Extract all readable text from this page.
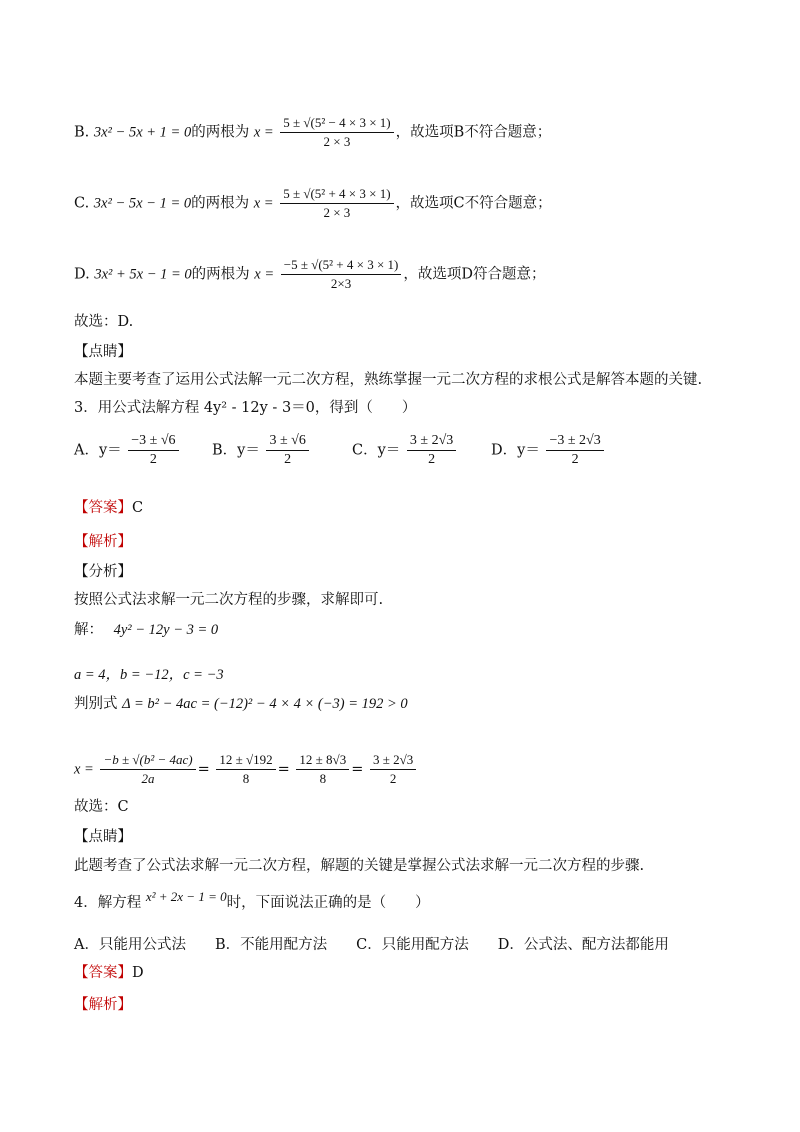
B. 3x² − 5x + 1 = 0的两根为 $x = \frac{\text{5 ± √(5² − 4 × 3 × 1)}}{2 \times 3}$ ，故选项B不符合题意；
C. 3x² − 5x − 1 = 0的两根为 $x = \frac{\text{5 ± √(5² + 4 × 3 × 1)}}{2 \times 3}$ ，故选项C不符合题意；
D. 3x² + 5x − 1 = 0的两根为 $x = \frac{\text{−5 ± √(5² + 4 × 3 × 1)}}{2\times 3}$ ，故选项D符合题意；
故选：D.
【点睛】
本题主要考查了运用公式法解一元二次方程，熟练掌握一元二次方程的求根公式是解答本题的关键.
3．用公式法解方程 4y² - 12y - 3＝0，得到（　　）
A．$y= \frac{-3 \pm √6}{2}$ B．$y= \frac{3 \pm √6}{2}$	C．$y= \frac{3 \pm 2√3}{2}$ D．$y= \frac{-3 \pm 2√3}{2}$
【答案】C
【解析】
【分析】
按照公式法求解一元二次方程的步骤，求解即可.
解： 4y² − 12y − 3 = 0
a = 4，b = −12，c = −3
判别式 Δ = b² − 4ac = (−12)² − 4 × 4 × (−3) = 192 > 0
$x = \frac{\text{−b ± √(b² − 4ac)}}{2a} = \frac{12 \pm √192}{8} = \frac{12 \pm 8√3}{8} = \frac{3 \pm 2√3}{2}$
故选：C
【点睛】
此题考查了公式法求解一元二次方程，解题的关键是掌握公式法求解一元二次方程的步骤.
4．解方程 x² + 2x − 1 = 0时，下面说法正确的是（　　）
A．只能用公式法　　B．不能用配方法　　C．只能用配方法　　D．公式法、配方法都能用
【答案】D
【解析】
